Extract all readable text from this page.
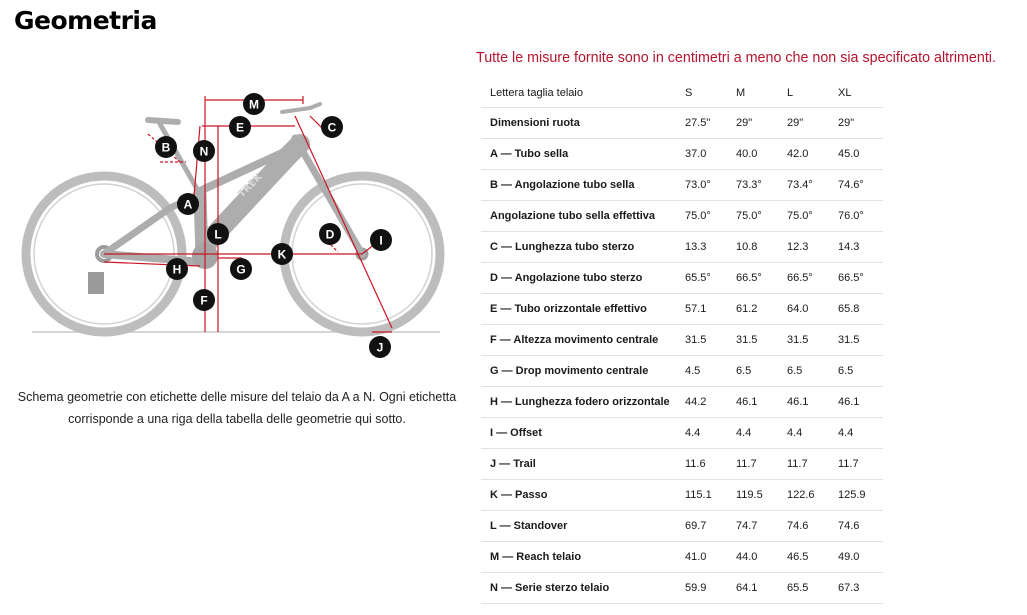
Geometria
TREK
M
E	C
B N
A
L	D	I
K
H	G
F
J
Schema geometrie con etichette delle misure del telaio da A a N. Ogni etichetta corrisponde a una riga della tabella delle geometrie qui sotto.
Tutte le misure fornite sono in centimetri a meno che non sia specificato altrimenti.
Lettera taglia telaio	S	M	L	XL
Dimensioni ruota	27.5"	29"	29"	29"
A — Tubo sella	37.0	40.0	42.0	45.0
B — Angolazione tubo sella	73.0°	73.3°	73.4°	74.6°
Angolazione tubo sella effettiva	75.0°	75.0°	75.0°	76.0°
C — Lunghezza tubo sterzo	13.3	10.8	12.3	14.3
D — Angolazione tubo sterzo	65.5°	66.5°	66.5°	66.5°
E — Tubo orizzontale effettivo	57.1	61.2	64.0	65.8
F — Altezza movimento centrale	31.5	31.5	31.5	31.5
G — Drop movimento centrale	4.5	6.5	6.5	6.5
H — Lunghezza fodero orizzontale	44.2	46.1	46.1	46.1
I — Offset	4.4	4.4	4.4	4.4
J — Trail	11.6	11.7	11.7	11.7
K — Passo	115.1	119.5	122.6	125.9
L — Standover	69.7	74.7	74.6	74.6
M — Reach telaio	41.0	44.0	46.5	49.0
N — Serie sterzo telaio	59.9	64.1	65.5	67.3
